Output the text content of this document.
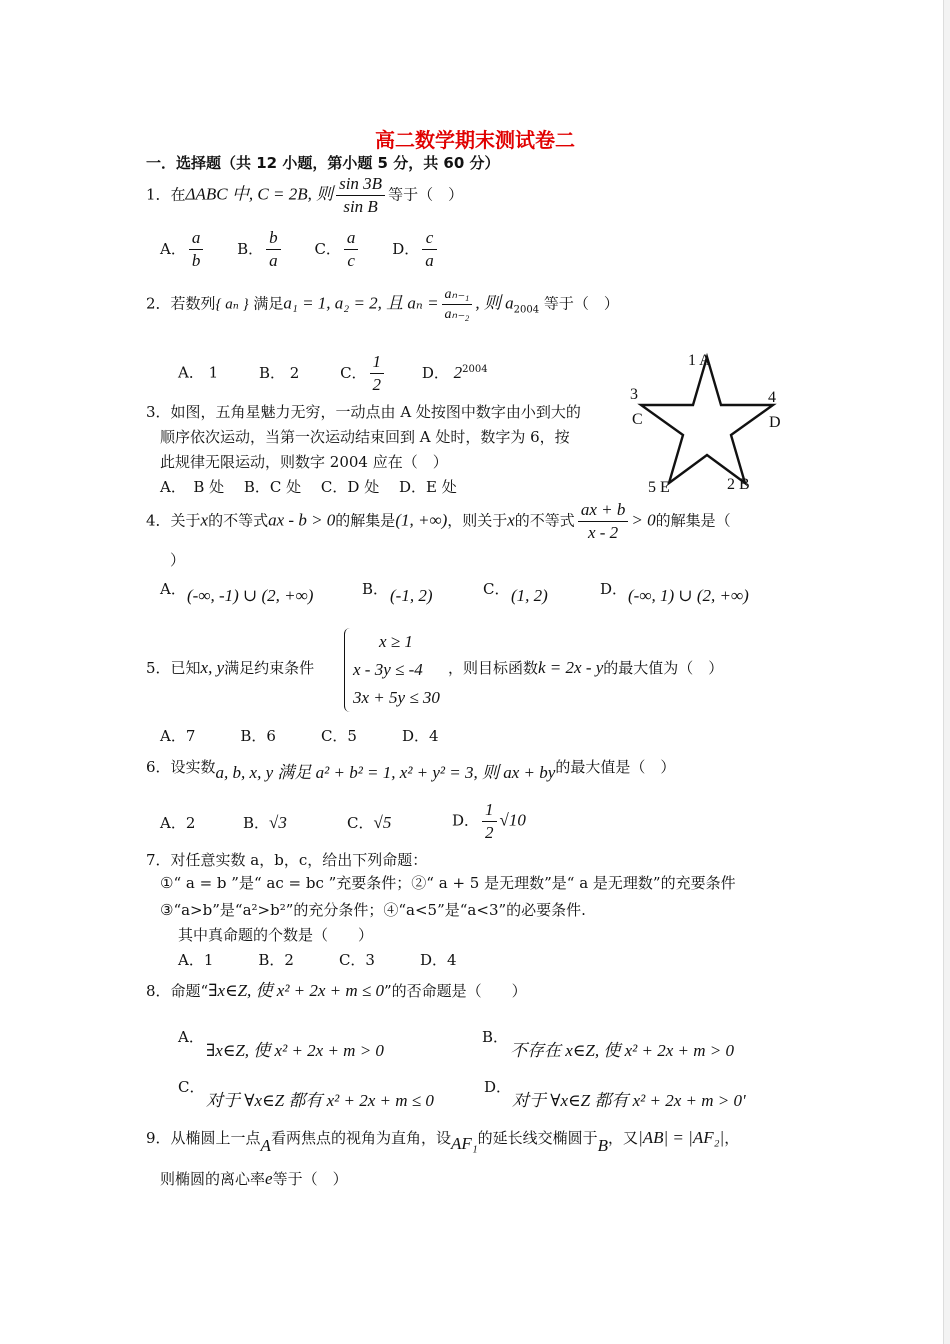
高二数学期末测试卷二
一．选择题（共 12 小题，第小题 5 分，共 60 分）
1．在ΔABC 中, C = 2B, 则 $\frac{\sin 3B}{\text{sin B}}$ 等于（　）
A． $\frac{a}{b}$ B． $\frac{b}{a}$ C． $\frac{a}{c}$ D． $\frac{c}{a}$
2．若数列{ aₙ } 满足a₁ = 1, a₂ = 2, 且 $a_n = \frac{\text{aₙ₋₁}}{\text{aₙ₋₂}}$ , 则 $a_{2004}$ 等于（　）
A． 1	B． 2	C． $\frac{1}{2}$	D． $2^{2004}$
3．如图，五角星魅力无穷，一动点由 A 处按图中数字由小到大的
顺序依次运动，当第一次运动结束回到 A 处时，数字为 6，按
此规律无限运动，则数字 2004 应在（　）
A．　B 处　 B．C 处　 C．D 处　 D．E 处
1 A
3
C
4
D
5 E	2 B
4．关于x的不等式ax - b > 0的解集是(1, +∞)，则关于x的不等式 $\frac{ax + b}{x - 2} > 0$的解集是（
）
A． (-∞, -1) ∪ (2, +∞)	B． (-1, 2)	C． (1, 2)	D． (-∞, 1) ∪ (2, +∞)
5．已知x, y满足约束条件
x ≥ 1
x - 3y ≤ -4
3x + 5y ≤ 30
，则目标函数k = 2x - y的最大值为（　）
A．7　　　B．6　　　C．5　　　D．4
6．设实数a, b, x, y 满足 a² + b² = 1, x² + y² = 3, 则 ax + by的最大值是（　）
A．2	B．√3	C．√5	D． $\frac{1}{2} √10$
7．对任意实数 a，b，c，给出下列命题：
①“ a = b ”是“ ac = bc ”充要条件；②“ a + 5 是无理数”是“ a 是无理数”的充要条件
③“a>b”是“a²>b²”的充分条件；④“a<5”是“a<3”的必要条件.
其中真命题的个数是（　　）
A．1　　　B．2　　　C．3　　　D．4
8．命题“∃x∈Z, 使 x² + 2x + m ≤ 0”的否命题是（　　）
A．
∃x∈Z, 使 x² + 2x + m > 0
B．
不存在 x∈Z, 使 x² + 2x + m > 0
C．
对于 ∀x∈Z 都有 x² + 2x + m ≤ 0
D．
对于 ∀x∈Z 都有 x² + 2x + m > 0'
9．从椭圆上一点A看两焦点的视角为直角，设AF₁的延长线交椭圆于B，又|AB| = |AF₂|，
则椭圆的离心率e等于（　）
